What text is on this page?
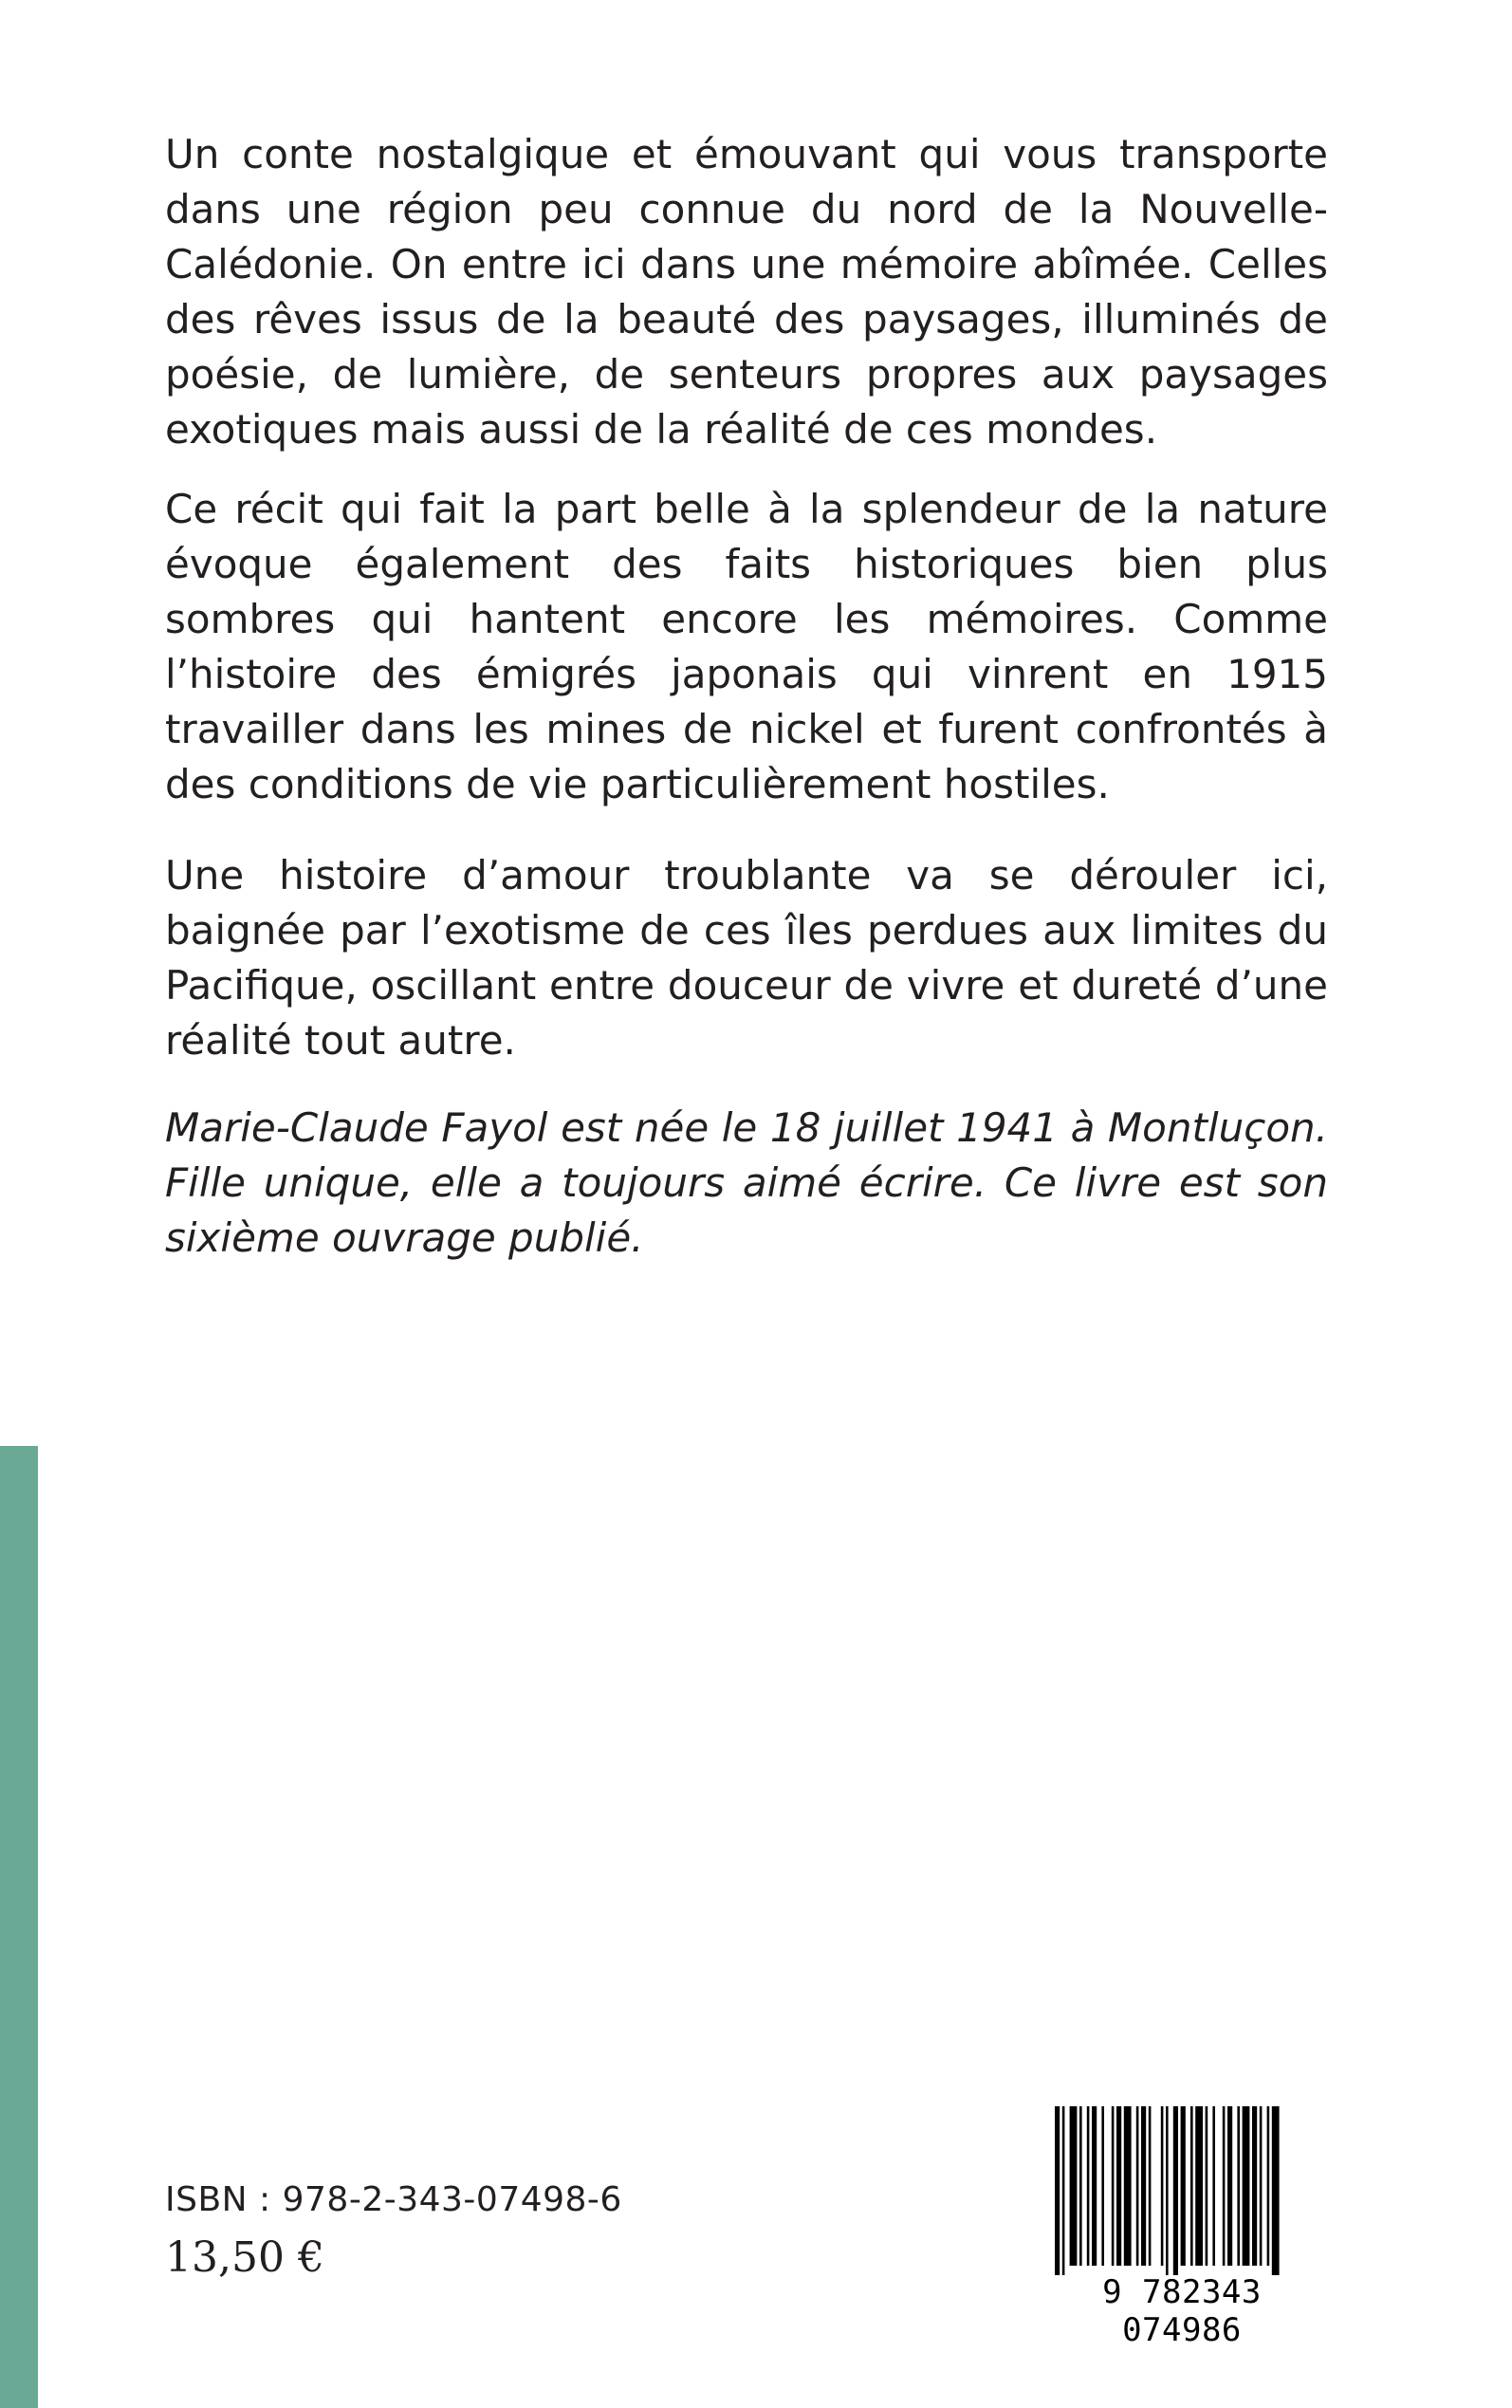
Un conte nostalgique et émouvant qui vous transporte dans une région peu connue du nord de la Nouvelle-Calédonie. On entre ici dans une mémoire abîmée. Celles des rêves issus de la beauté des paysages, illuminés de poésie, de lumière, de senteurs propres aux paysages exotiques mais aussi de la réalité de ces mondes.

Ce récit qui fait la part belle à la splendeur de la nature évoque également des faits historiques bien plus sombres qui hantent encore les mémoires. Comme l’histoire des émigrés japonais qui vinrent en 1915 travailler dans les mines de nickel et furent confrontés à des conditions de vie particulièrement hostiles.

Une histoire d’amour troublante va se dérouler ici, baignée par l’exotisme de ces îles perdues aux limites du Pacifique, oscillant entre douceur de vivre et dureté d’une réalité tout autre.

Marie-Claude Fayol est née le 18 juillet 1941 à Montluçon. Fille unique, elle a toujours aimé écrire. Ce livre est son sixième ouvrage publié.

ISBN : 978-2-343-07498-6
13,50 €
9 782343 074986
